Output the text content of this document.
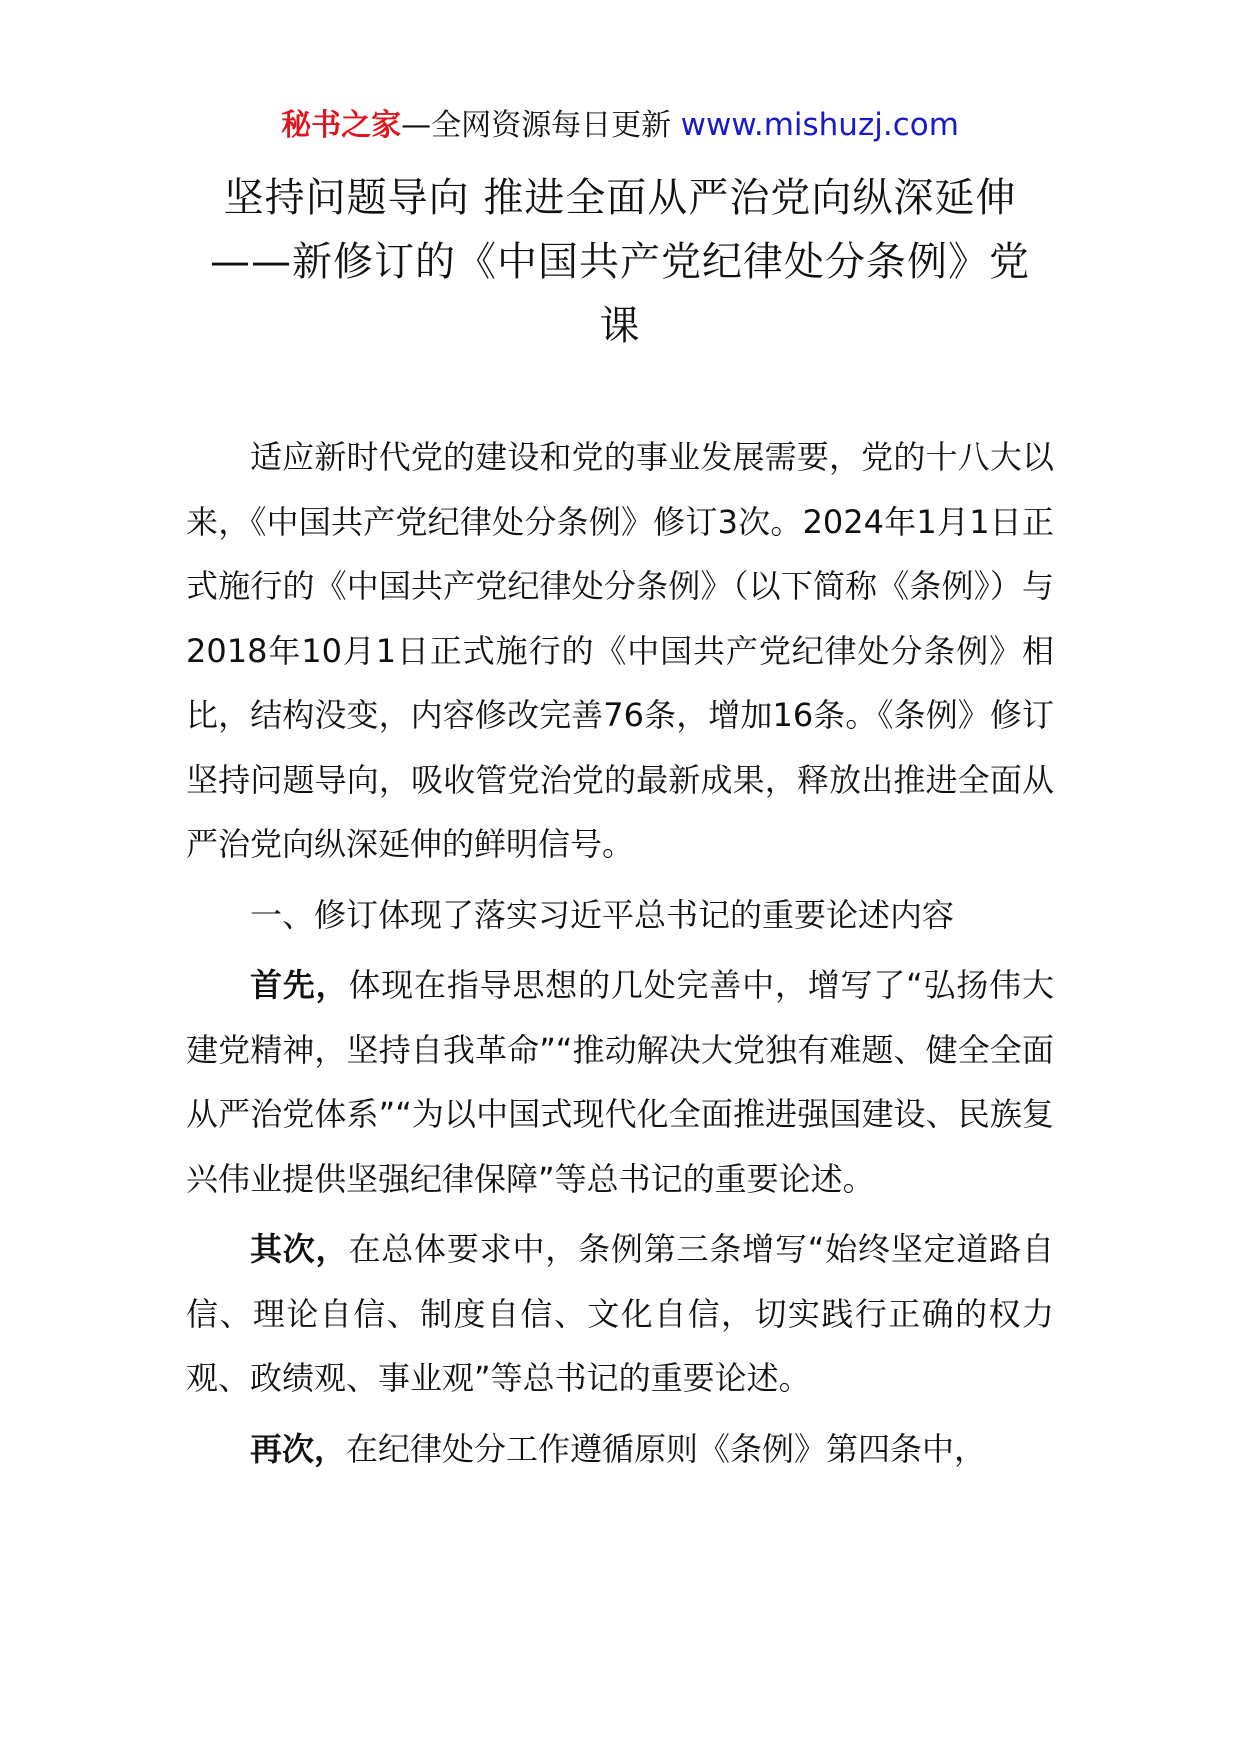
秘书之家—全网资源每日更新 www.mishuzj.com
坚持问题导向 推进全面从严治党向纵深延伸
——新修订的《中国共产党纪律处分条例》党
课

适应新时代党的建设和党的事业发展需要，党的十八大以来，《中国共产党纪律处分条例》修订3次。2024年1月1日正式施行的《中国共产党纪律处分条例》（以下简称《条例》）与2018年10月1日正式施行的《中国共产党纪律处分条例》相比，结构没变，内容修改完善76条，增加16条。《条例》修订坚持问题导向，吸收管党治党的最新成果，释放出推进全面从严治党向纵深延伸的鲜明信号。

一、修订体现了落实习近平总书记的重要论述内容

首先，体现在指导思想的几处完善中，增写了“弘扬伟大建党精神，坚持自我革命”“推动解决大党独有难题、健全全面从严治党体系”“为以中国式现代化全面推进强国建设、民族复兴伟业提供坚强纪律保障”等总书记的重要论述。

其次，在总体要求中，条例第三条增写“始终坚定道路自信、理论自信、制度自信、文化自信，切实践行正确的权力观、政绩观、事业观”等总书记的重要论述。

再次，在纪律处分工作遵循原则《条例》第四条中，
